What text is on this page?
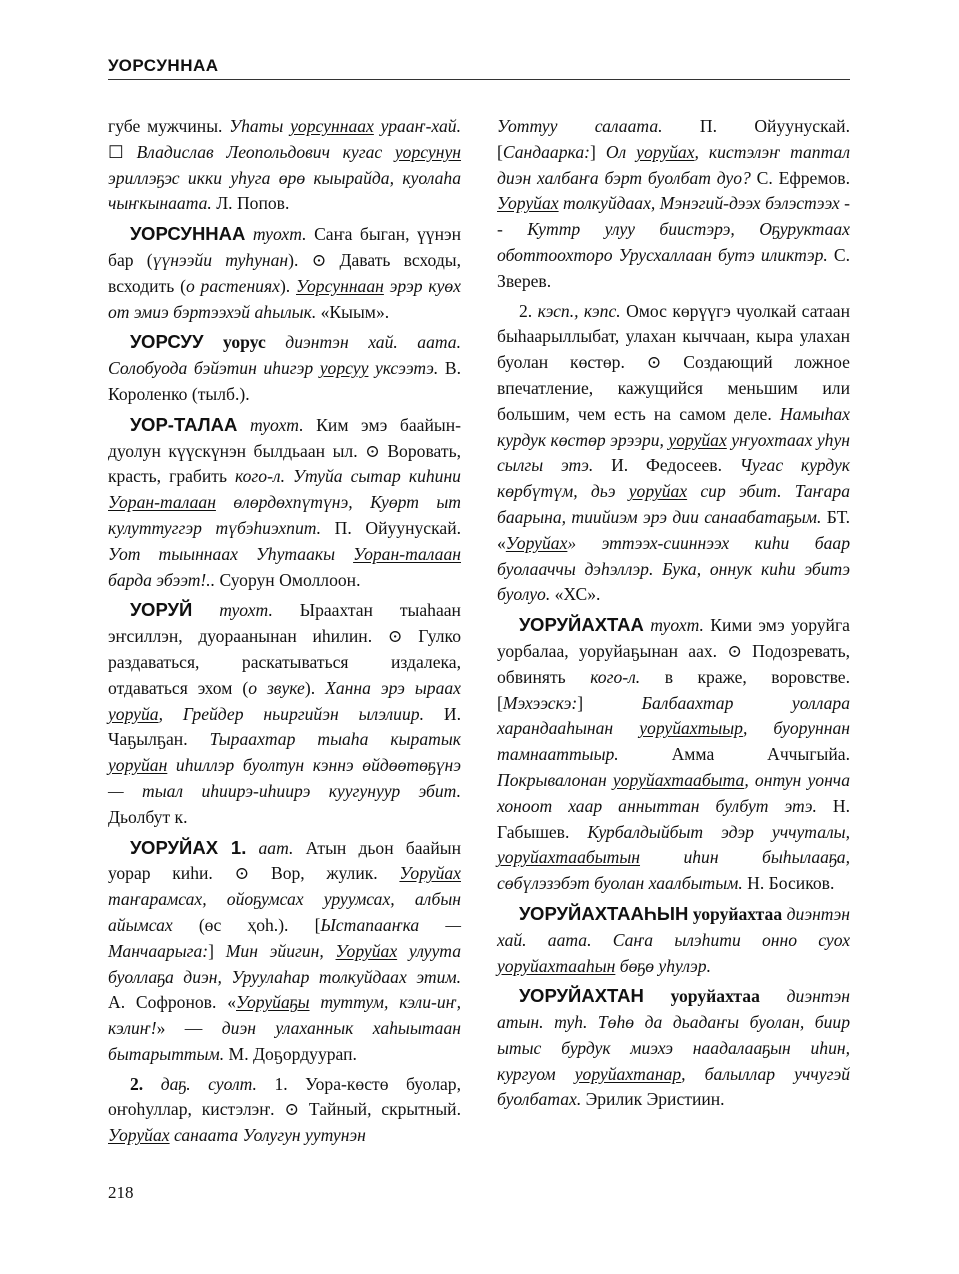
УОРСУННАА

губе мужчины. Уһаты уорсуннаах урааҥ-хай. ☐ Владислав Леопольдович кугас уорсунун эриллэҕэс икки уһуга өрө кыырайда, куолаһа чыҥкынаата. Л. Попов.

УОРСУННАА туохт. Саҥа быган, үүнэн бар (үүнээйи туһунан). ⊙ Давать всходы, всходить (о растениях). Уорсуннаан эрэр куөх от эмиэ бэртээхэй аһылык. «Кыым».

УОРСУУ уорус диэнтэн хай. аата. Солобуода бэйэтин иһигэр уорсуу уксээтэ. В. Короленко (тылб.).

УОР-ТАЛАА туохт. Ким эмэ баайын-дуолун күүскүнэн былдьаан ыл. ⊙ Воровать, красть, грабить кого-л. Утуйа сытар киһини Уоран-талаан өлөрдөхпүтүнэ, Куөрт ыт кулуттуггэр түбэһиэхпит. П. Ойуунускай. Уот тыыннаах Уһутаакы Уоран-талаан барда эбээт!.. Суорун Омоллоон.

УОРУЙ туохт. Ыраахтан тыаһаан эҥсиллэн, дуораанынан иһилин. ⊙ Гулко раздаваться, раскатываться издалека, отдаваться эхом (о звуке). Ханна эрэ ыраах уоруйа, Грейдер ньиргийэн ылэлиир. И. Чаҕылҕан. Тыраахтар тыаһа кыратык уоруйан иһиллэр буолтун кэннэ өйдөөтөҕүнэ — тыал иһиирэ-иһиирэ куугунуур эбит. Дьолбут к.

УОРУЙАХ 1. аат. Атын дьон баайын уорар киһи. ⊙ Вор, жулик. Уоруйах таҥарамсах, ойоҕумсах уруумсах, албын айымсах (өс ҳоһ.). [Ыстапааҥка — Манчаарыга:] Мин эйигин, Уоруйах улуута буоллаҕа диэн, Уруулаһар толкуйдаах этим. А. Софронов. «Уоруйаҕы туттум, кэли-иҥ, кэлиҥ!» — диэн улаханнык хаһыытаан бытарыттым. М. Доҕордуурап.

2. даҕ. суолт. 1. Уора-көстө буолар, оҥоһуллар, кистэлэҥ. ⊙ Тайный, скрытный. Уоруйах санаата Уолугун уутунэн

Уоттуу салаата. П. Ойуунускай. [Сандаарка:] Ол уоруйах, кистэлэҥ таптал диэн халбаҥа бэрт буолбат дуо? С. Ефремов. Уоруйах толкуйдаах, Мэнэгий-дээх бэлэстээх -- Куттр улуу биистэрэ, Оҕуруктаах оботтоохторо Урусхаллаан бутэ иликтэр. С. Зверев.

2. кэсп., кэпс. Омос көрүүгэ чуолкай сатаан быһаарыллыбат, улахан кыччаан, кыра улахан буолан көстөр. ⊙ Создающий ложное впечатление, кажущийся меньшим или большим, чем есть на самом деле. Намыһах курдук көстөр эрээри, уоруйах уҥуохтаах уһун сылгы этэ. И. Федосеев. Чугас курдук көрбүтүм, дьэ уоруйах сир эбит. Таҥара баарына, тиийиэм эрэ дии санаабатаҕым. БТ. «Уоруйах» эттээх-сииннээх киһи баар буолааччы дэһэллэр. Бука, оннук киһи эбитэ буолуо. «ХС».

УОРУЙАХТАА туохт. Кими эмэ уоруйга уорбалаа, уоруйаҕынан аах. ⊙ Подозревать, обвинять кого-л. в краже, воровстве. [Мэхээскэ:] Балбаахтар уоллара харандааһынан уоруйахтыыр, буоруннан тамнааттыыр. Амма Аччыгыйа. Покрывалонан уоруйахтаабыта, онтун уонча хоноот хаар анныттан булбут этэ. Н. Габышев. Курбалдыйбыт эдэр уччуталы, уоруйахтаабытын иһин быһылааҕа, сөбүлэзэбэт буолан хаалбытым. Н. Босиков.

УОРУЙАХТААҺЫН уоруйахтаа диэнтэн хай. аата. Саҥа ылэһити онно суох уоруйахтааһын бөҕө уһулэр.

УОРУЙАХТАН уоруйахтаа диэнтэн атын. туһ. Төһө да дьадаҥы буолан, биир ытыс бурдук миэхэ наадалааҕын иһин, кургуом уоруйахтанар, балыллар уччугэй буолбатах. Эрилик Эристиин.

218
